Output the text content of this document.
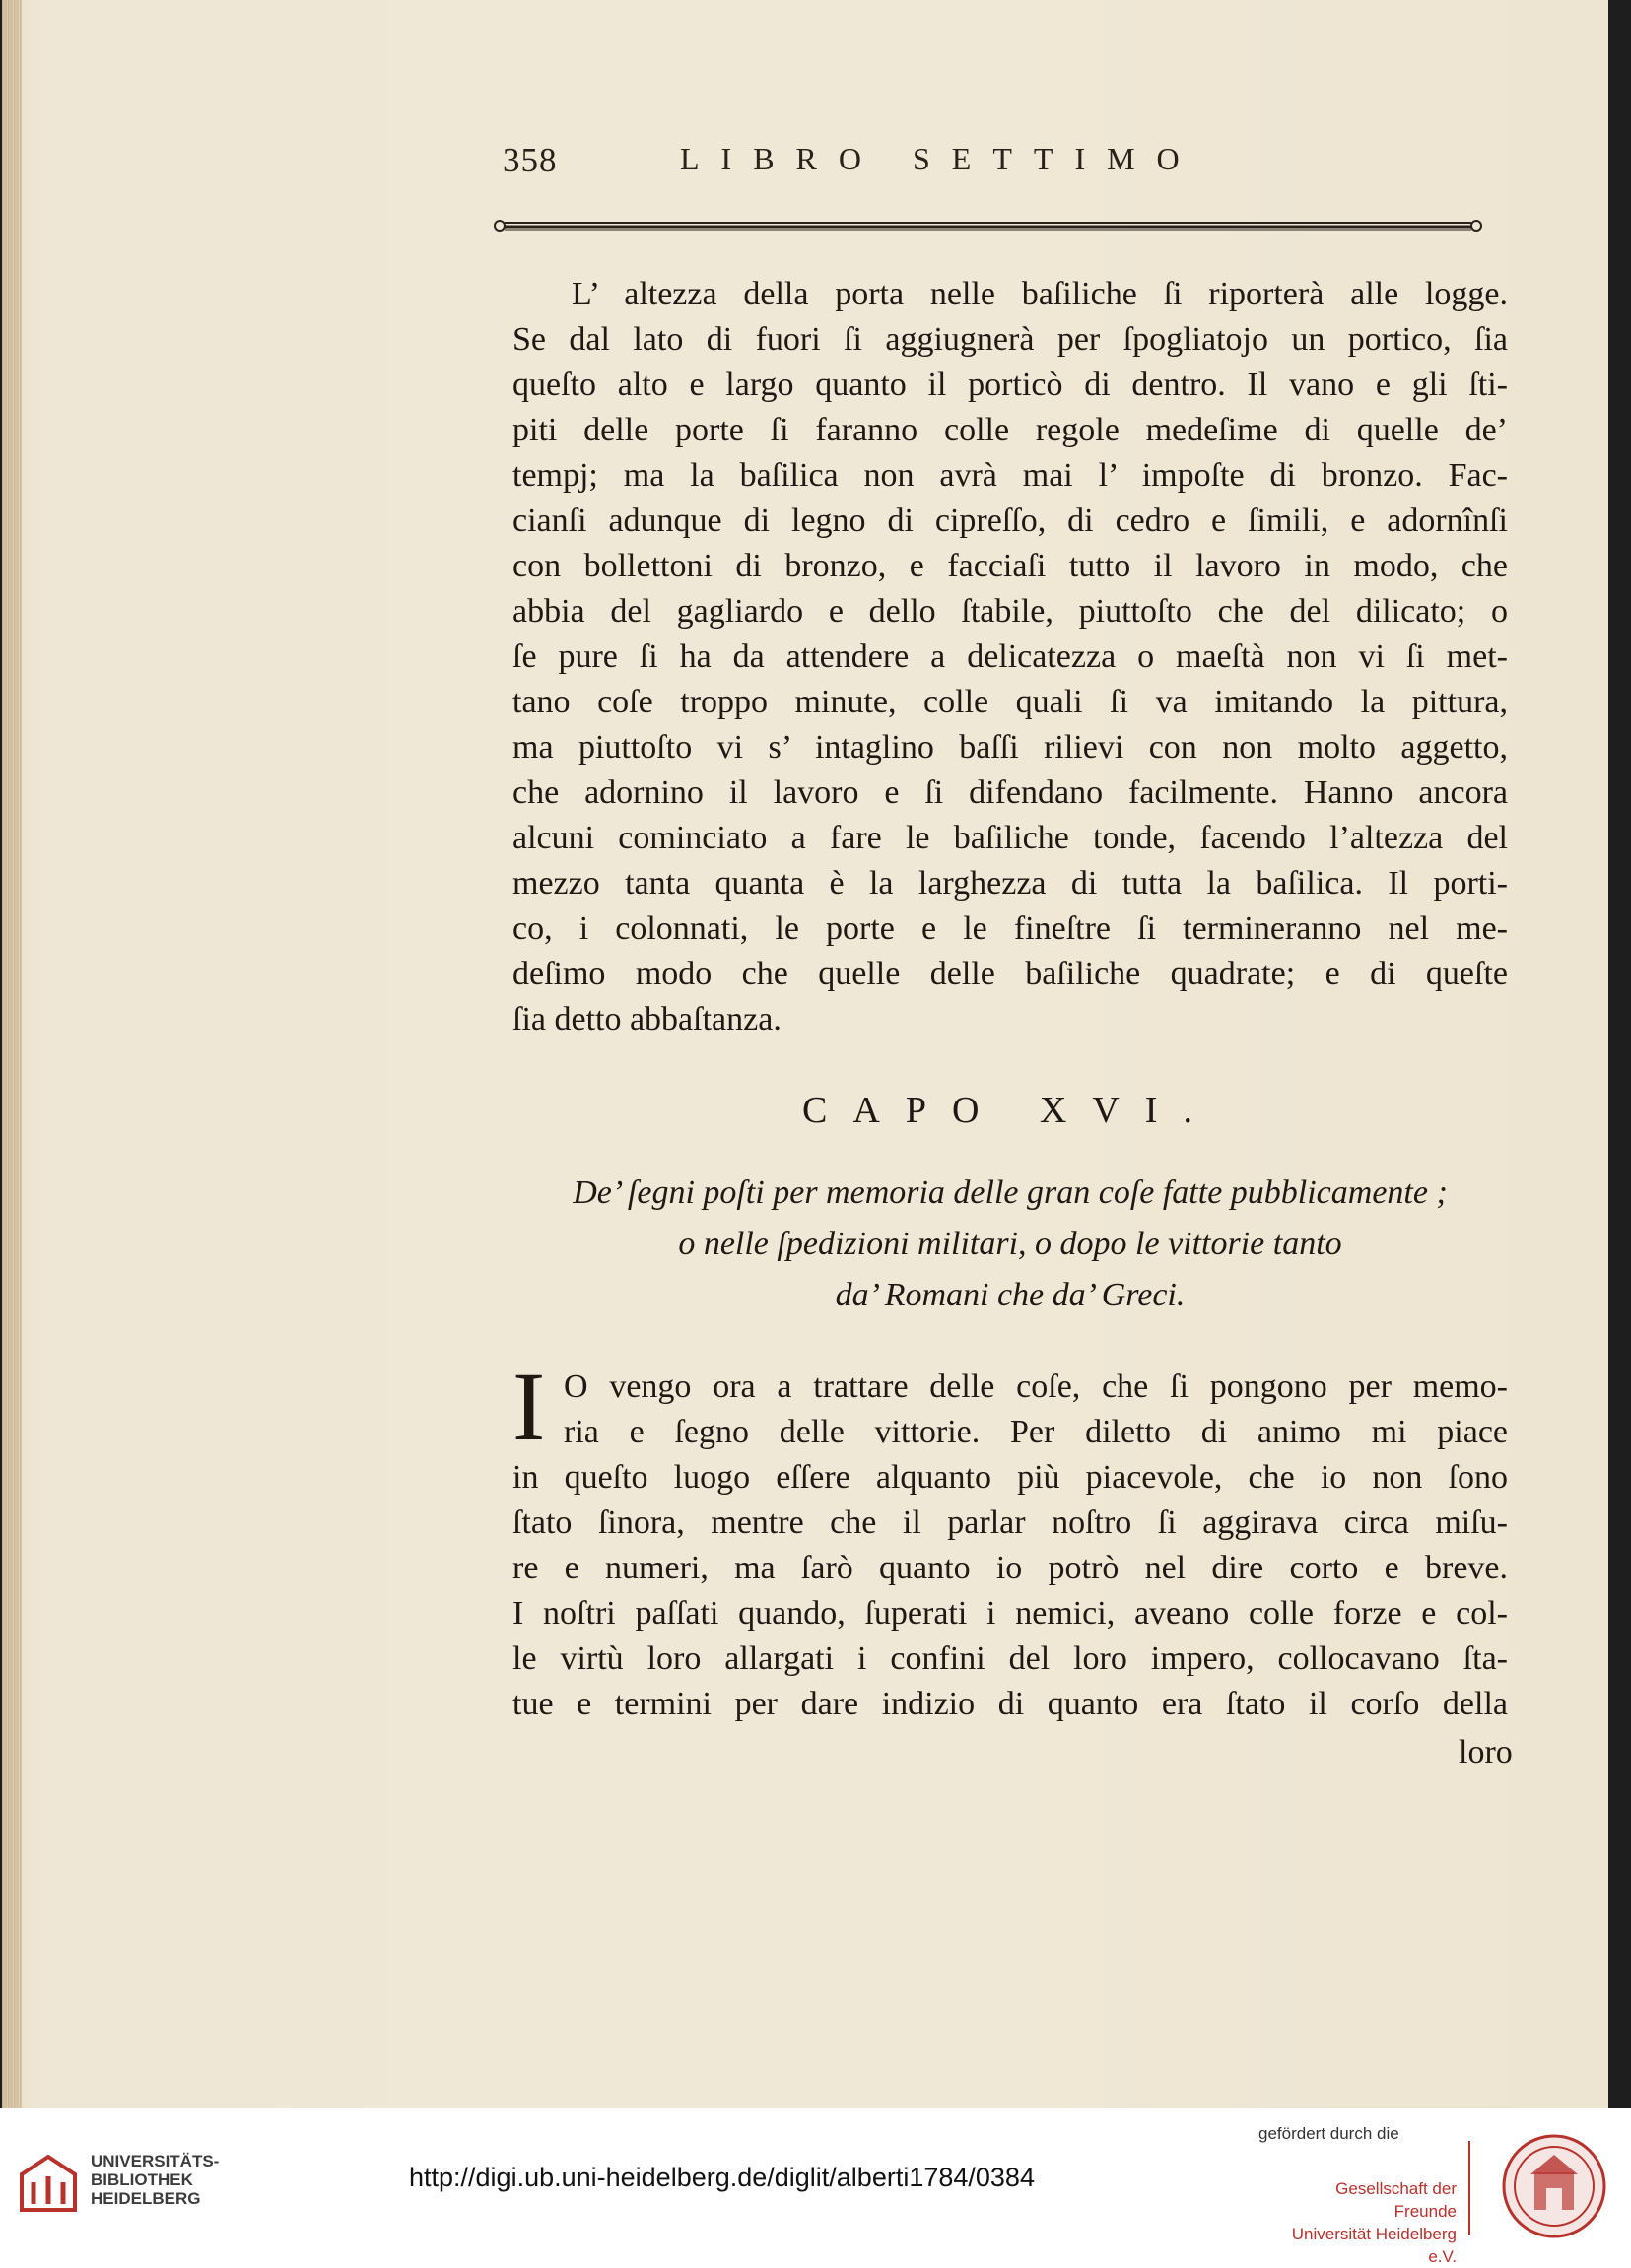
358	LIBRO SETTIMO
L’ altezza della porta nelle baſiliche ſi riporterà alle logge.
Se dal lato di fuori ſi aggiugnerà per ſpogliatojo un portico, ſia
queſto alto e largo quanto il porticò di dentro. Il vano e gli ſti-
piti delle porte ſi faranno colle regole medeſime di quelle de’
tempj; ma la baſilica non avrà mai l’ impoſte di bronzo. Fac-
cianſi adunque di legno di cipreſſo, di cedro e ſimili, e adornînſi
con bollettoni di bronzo, e facciaſi tutto il lavoro in modo, che
abbia del gagliardo e dello ſtabile, piuttoſto che del dilicato; o
ſe pure ſi ha da attendere a delicatezza o maeſtà non vi ſi met-
tano coſe troppo minute, colle quali ſi va imitando la pittura,
ma piuttoſto vi s’ intaglino baſſi rilievi con non molto aggetto,
che adornino il lavoro e ſi difendano facilmente. Hanno ancora
alcuni cominciato a fare le baſiliche tonde, facendo l’altezza del
mezzo tanta quanta è la larghezza di tutta la baſilica. Il porti-
co, i colonnati, le porte e le fineſtre ſi termineranno nel me-
deſimo modo che quelle delle baſiliche quadrate; e di queſte
ſia detto abbaſtanza.
CAPO XVI.
De’ ſegni poſti per memoria delle gran coſe fatte pubblicamente ;
o nelle ſpedizioni militari, o dopo le vittorie tanto
da’ Romani che da’ Greci.
I O vengo ora a trattare delle coſe, che ſi pongono per memo-
ria e ſegno delle vittorie. Per diletto di animo mi piace
in queſto luogo eſſere alquanto più piacevole, che io non ſono
ſtato ſinora, mentre che il parlar noſtro ſi aggirava circa miſu-
re e numeri, ma ſarò quanto io potrò nel dire corto e breve.
I noſtri paſſati quando, ſuperati i nemici, aveano colle forze e col-
le virtù loro allargati i confini del loro impero, collocavano ſta-
tue e termini per dare indizio di quanto era ſtato il corſo della
loro
UNIVERSITÄTS-
BIBLIOTHEK
HEIDELBERG
http://digi.ub.uni-heidelberg.de/diglit/alberti1784/0384
gefördert durch die
Gesellschaft der Freunde
Universität Heidelberg e.V.
